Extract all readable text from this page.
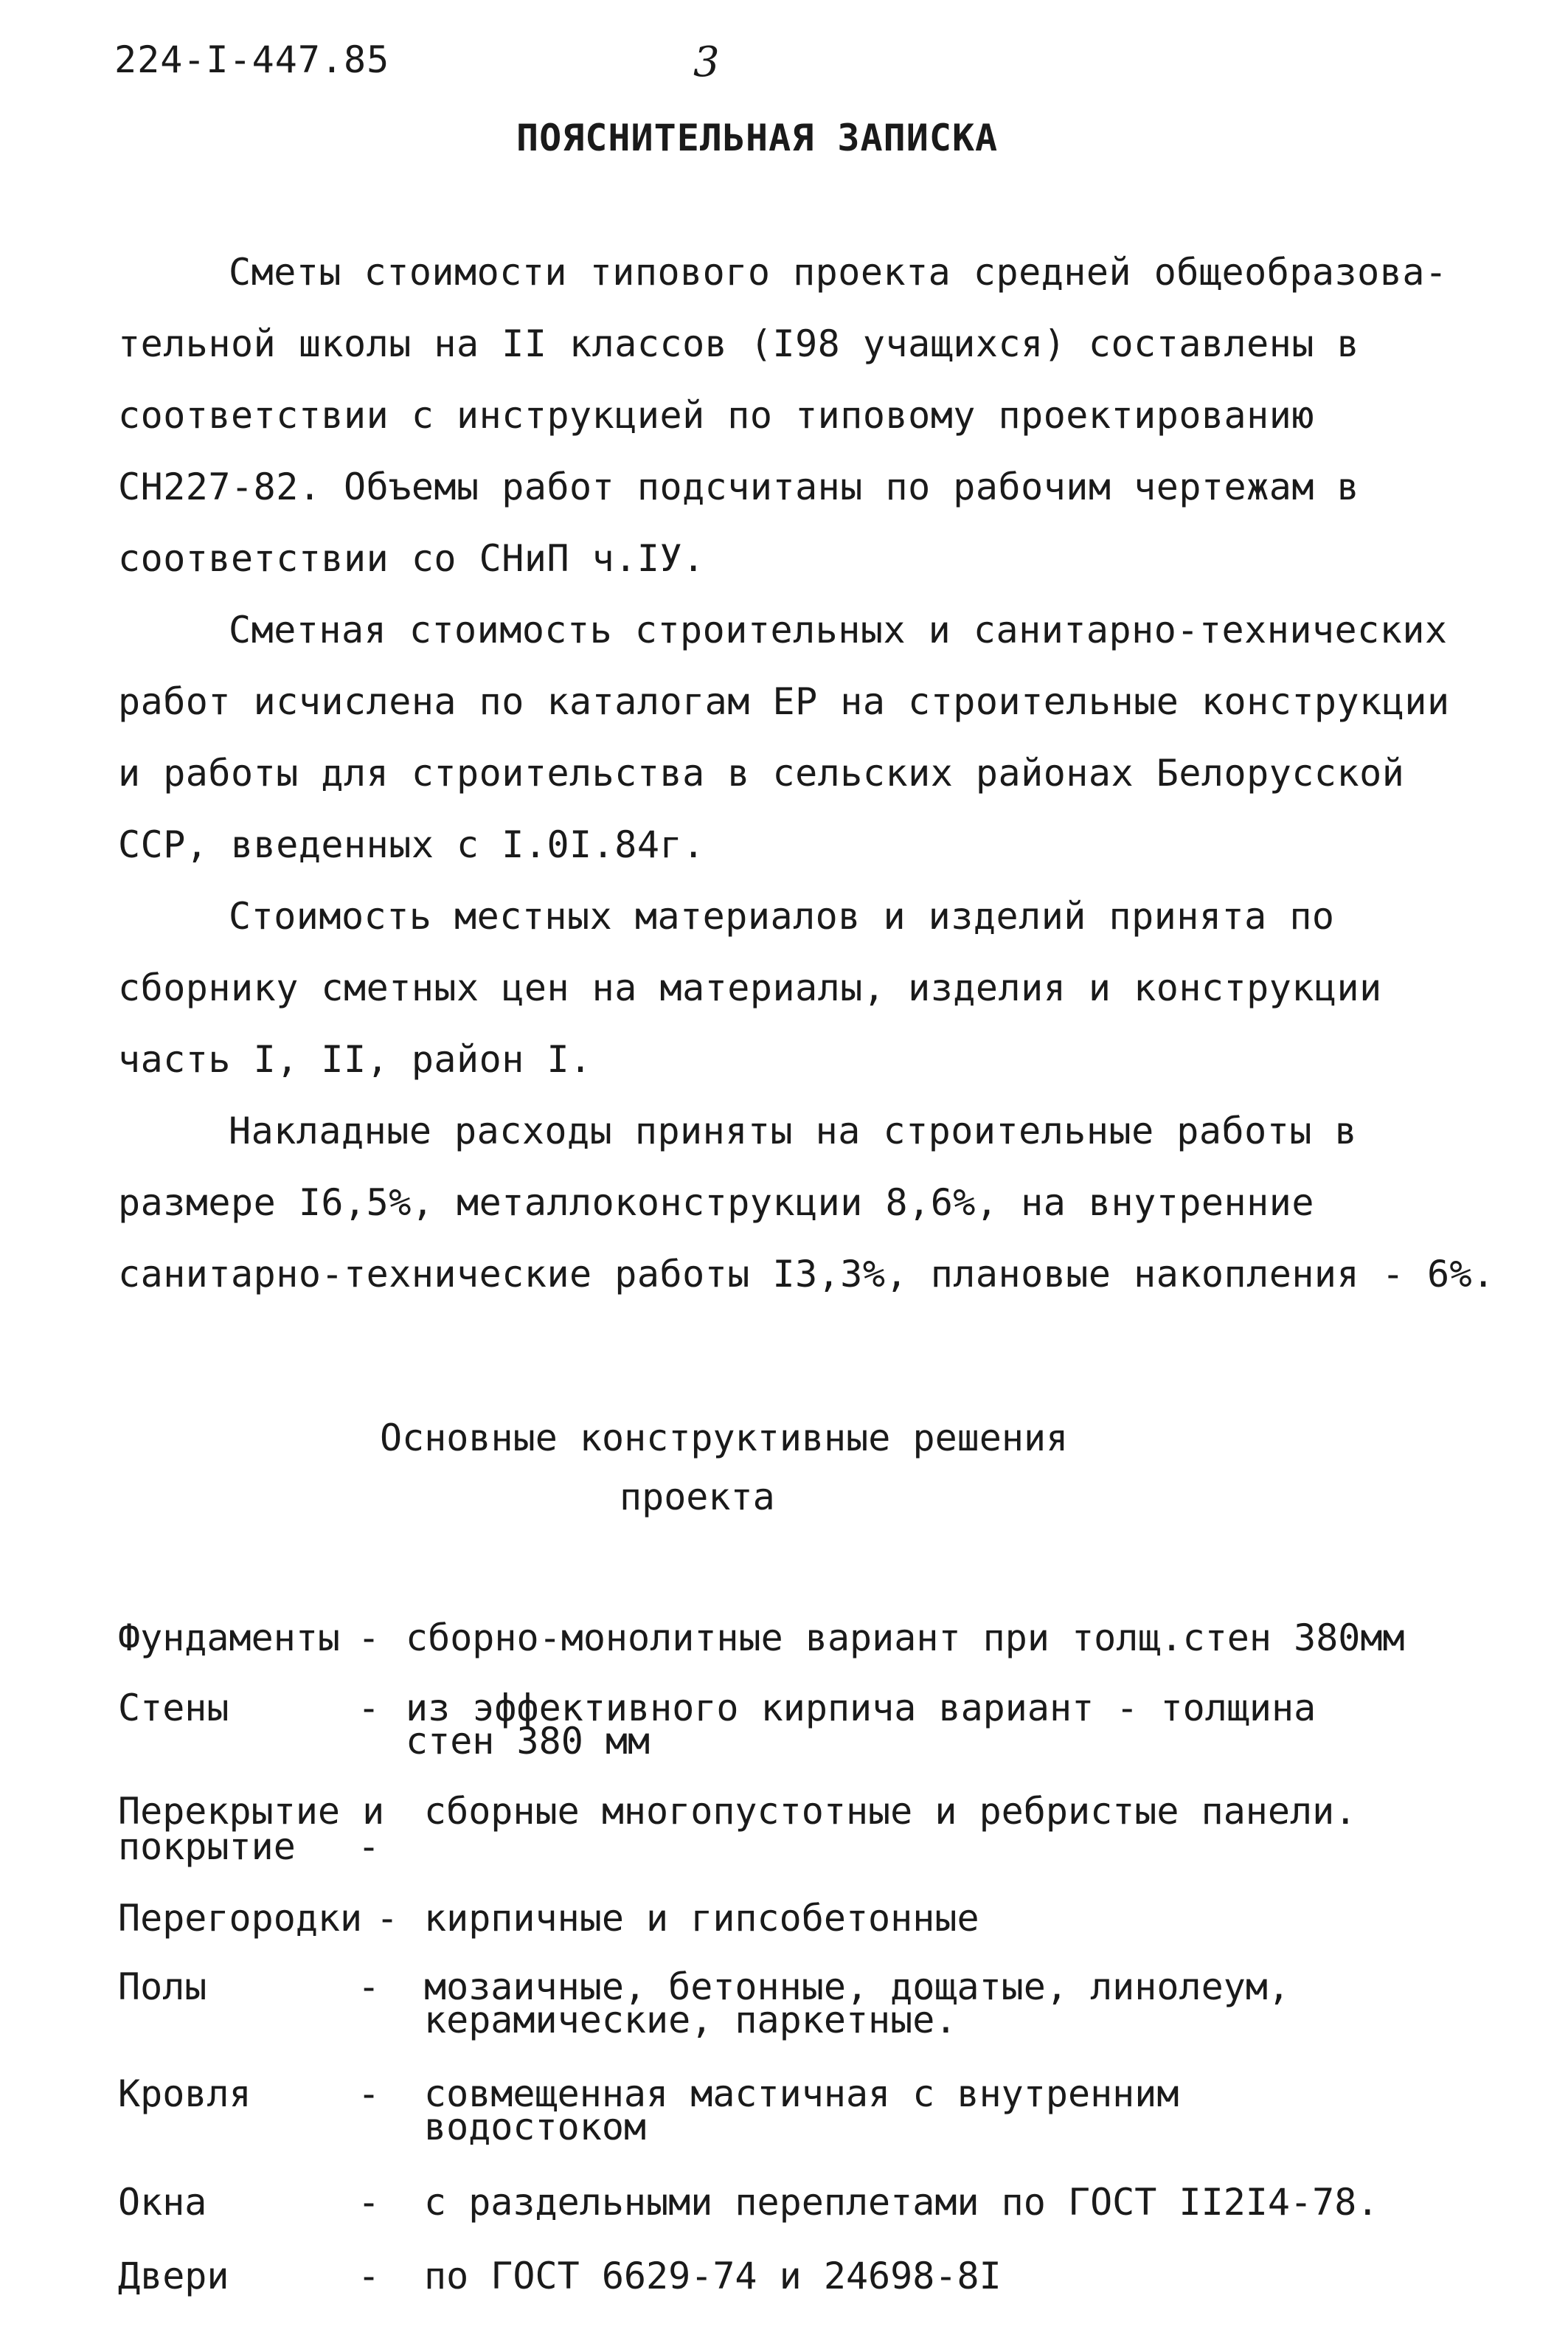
224-I-447.85	3
ПОЯСНИТЕЛЬНАЯ ЗАПИСКА
Сметы стоимости типового проекта средней общеобразова-
тельной школы на II классов (I98 учащихся) составлены в
соответствии с инструкцией по типовому проектированию
СН227-82. Объемы работ подсчитаны по рабочим чертежам в
соответствии со СНиП ч.IУ.
Сметная стоимость строительных и санитарно-технических
работ исчислена по каталогам ЕР на строительные конструкции
и работы для строительства в сельских районах Белорусской
ССР, введенных с I.0I.84г.
Стоимость местных материалов и изделий принята по
сборнику сметных цен на материалы, изделия и конструкции
часть I, II, район I.
Накладные расходы приняты на строительные работы в
размере I6,5%, металлоконструкции 8,6%, на внутренние
санитарно-технические работы I3,3%, плановые накопления - 6%.
Основные конструктивные решения
проекта
Фундаменты - сборно-монолитные вариант при толщ.стен 380мм
Стены	- из эффективного кирпича вариант - толщина
стен 380 мм
Перекрытие и
покрытие -
сборные многопустотные и ребристые панели.
Перегородки - кирпичные и гипсобетонные
Полы	- мозаичные, бетонные, дощатые, линолеум,
керамические, паркетные.
Кровля	- совмещенная мастичная с внутренним
водостоком
Окна	- с раздельными переплетами по ГОСТ II2I4-78.
Двери	- по ГОСТ 6629-74 и 24698-8I
